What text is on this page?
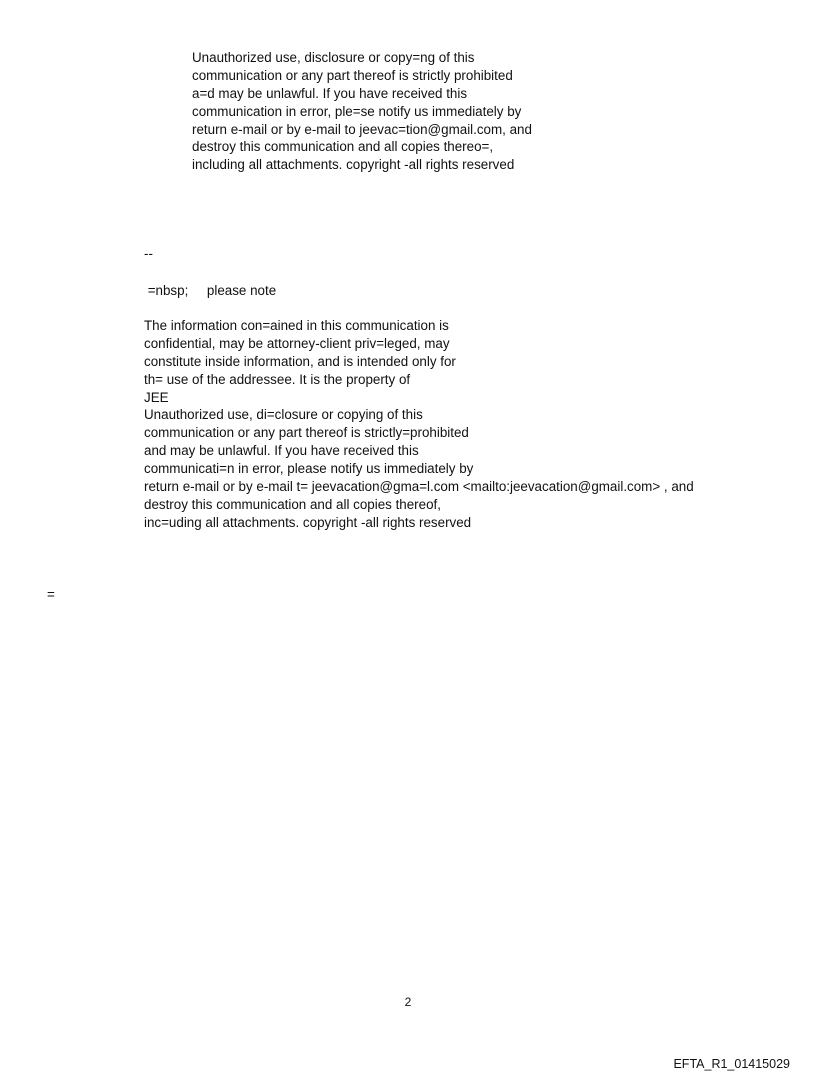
Unauthorized use, disclosure or copy=ng of this
communication or any part thereof is strictly prohibited
a=d may be unlawful. If you have received this
communication in error, ple=se notify us immediately by
return e-mail or by e-mail to jeevac=tion@gmail.com, and
destroy this communication and all copies thereo=,
including all attachments. copyright -all rights reserved
--
=nbsp;     please note
The information con=ained in this communication is
confidential, may be attorney-client priv=leged, may
constitute inside information, and is intended only for
th= use of the addressee. It is the property of
JEE
Unauthorized use, di=closure or copying of this
communication or any part thereof is strictly=prohibited
and may be unlawful. If you have received this
communicati=n in error, please notify us immediately by
return e-mail or by e-mail t= jeevacation@gma=l.com <mailto:jeevacation@gmail.com> , and
destroy this communication and all copies thereof,
inc=uding all attachments. copyright -all rights reserved
=
2
EFTA_R1_01415029
